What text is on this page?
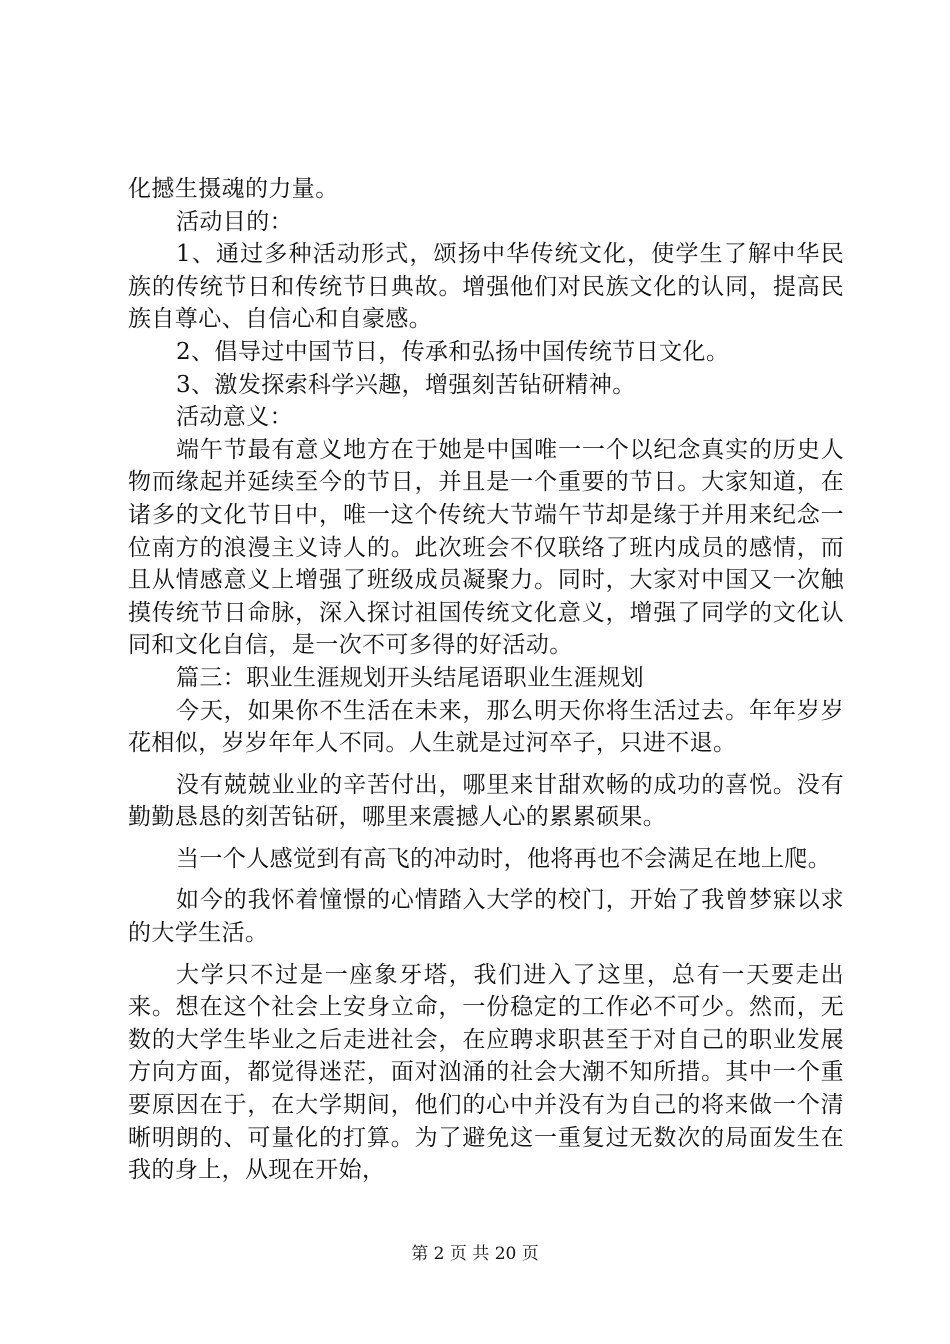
化撼生摄魂的力量。

活动目的：

1、通过多种活动形式，颂扬中华传统文化，使学生了解中华民族的传统节日和传统节日典故。增强他们对民族文化的认同，提高民族自尊心、自信心和自豪感。

2、倡导过中国节日，传承和弘扬中国传统节日文化。

3、激发探索科学兴趣，增强刻苦钻研精神。

活动意义：

端午节最有意义地方在于她是中国唯一一个以纪念真实的历史人物而缘起并延续至今的节日，并且是一个重要的节日。大家知道，在诸多的文化节日中，唯一这个传统大节端午节却是缘于并用来纪念一位南方的浪漫主义诗人的。此次班会不仅联络了班内成员的感情，而且从情感意义上增强了班级成员凝聚力。同时，大家对中国又一次触摸传统节日命脉，深入探讨祖国传统文化意义，增强了同学的文化认同和文化自信，是一次不可多得的好活动。

篇三：职业生涯规划开头结尾语职业生涯规划

今天，如果你不生活在未来，那么明天你将生活过去。年年岁岁花相似，岁岁年年人不同。人生就是过河卒子，只进不退。

没有兢兢业业的辛苦付出，哪里来甘甜欢畅的成功的喜悦。没有勤勤恳恳的刻苦钻研，哪里来震撼人心的累累硕果。

当一个人感觉到有高飞的冲动时，他将再也不会满足在地上爬。

如今的我怀着憧憬的心情踏入大学的校门，开始了我曾梦寐以求的大学生活。

大学只不过是一座象牙塔，我们进入了这里，总有一天要走出来。想在这个社会上安身立命，一份稳定的工作必不可少。然而，无数的大学生毕业之后走进社会，在应聘求职甚至于对自己的职业发展方向方面，都觉得迷茫，面对汹涌的社会大潮不知所措。其中一个重要原因在于，在大学期间，他们的心中并没有为自己的将来做一个清晰明朗的、可量化的打算。为了避免这一重复过无数次的局面发生在我的身上，从现在开始，

第 2 页 共 20 页
